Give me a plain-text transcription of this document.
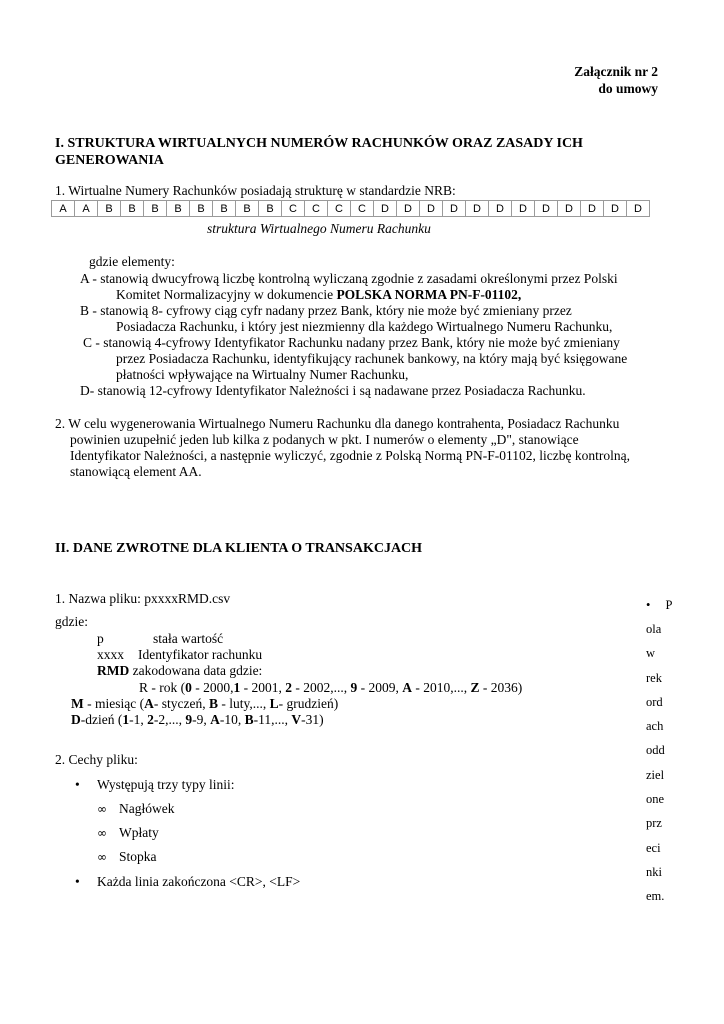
Załącznik nr 2
do umowy
I. STRUKTURA WIRTUALNYCH NUMERÓW RACHUNKÓW ORAZ ZASADY ICH
GENEROWANIA
1. Wirtualne Numery Rachunków posiadają strukturę w standardzie NRB:
A	A	B	B	B	B	B	B	B	B	C	C	C	C	D	D	D	D	D	D	D	D	D	D	D	D
struktura Wirtualnego Numeru Rachunku
gdzie elementy:
A - stanowią dwucyfrową liczbę kontrolną wyliczaną zgodnie z zasadami określonymi przez Polski
Komitet Normalizacyjny w dokumencie POLSKA NORMA PN-F-01102,
B - stanowią 8- cyfrowy ciąg cyfr nadany przez Bank, który nie może być zmieniany przez
Posiadacza Rachunku, i który jest niezmienny dla każdego Wirtualnego Numeru Rachunku,
C - stanowią 4-cyfrowy Identyfikator Rachunku nadany przez Bank, który nie może być zmieniany
przez Posiadacza Rachunku, identyfikujący rachunek bankowy, na który mają być księgowane
płatności wpływające na Wirtualny Numer Rachunku,
D- stanowią 12-cyfrowy Identyfikator Należności i są nadawane przez Posiadacza Rachunku.
2. W celu wygenerowania Wirtualnego Numeru Rachunku dla danego kontrahenta, Posiadacz Rachunku
powinien uzupełnić jeden lub kilka z podanych w pkt. I numerów o elementy „D", stanowiące
Identyfikator Należności, a następnie wyliczyć, zgodnie z Polską Normą PN-F-01102, liczbę kontrolną,
stanowiącą element AA.
II. DANE ZWROTNE DLA KLIENTA O TRANSAKCJACH
1. Nazwa pliku: pxxxxRMD.csv
gdzie:
p	stała wartość
xxxx Identyfikator rachunku
RMD zakodowana data gdzie:
R - rok (0 - 2000,1 - 2001, 2 - 2002,..., 9 - 2009, A - 2010,..., Z - 2036)
M - miesiąc (A- styczeń, B - luty,..., L- grudzień)
D-dzień (1-1, 2-2,..., 9-9, A-10, B-11,..., V-31)
2. Cechy pliku:
• Występują trzy typy linii:
∞ Nagłówek
∞ Wpłaty
∞ Stopka
• Każda linia zakończona <CR>, <LF>
• P
ola
w
rek
ord
ach
odd
ziel
one
prz
eci
nki
em.
